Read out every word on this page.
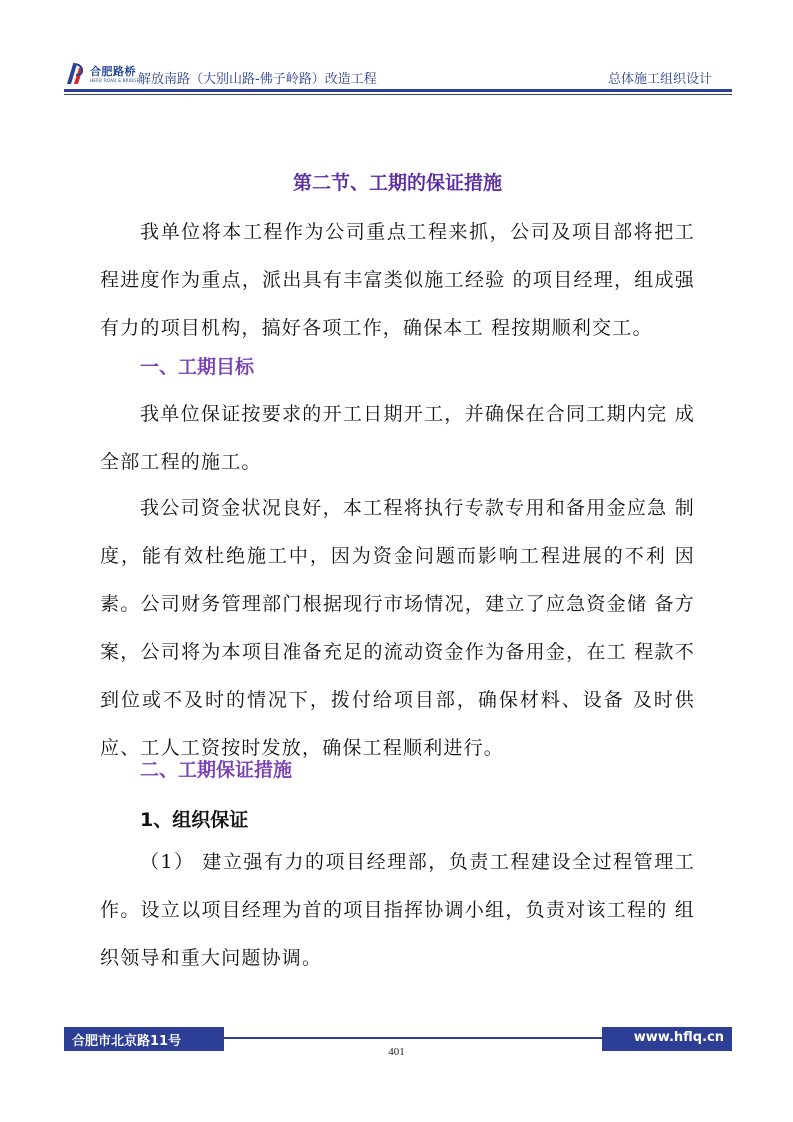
合肥路桥
HEFEI ROAD & BRIDGE
解放南路（大别山路-佛子岭路）改造工程	总体施工组织设计
第二节、工期的保证措施
我单位将本工程作为公司重点工程来抓，公司及项目部将把工程进度作为重点，派出具有丰富类似施工经验 的项目经理，组成强有力的项目机构，搞好各项工作，确保本工 程按期顺利交工。
一、工期目标
我单位保证按要求的开工日期开工，并确保在合同工期内完 成全部工程的施工。
我公司资金状况良好，本工程将执行专款专用和备用金应急 制度，能有效杜绝施工中，因为资金问题而影响工程进展的不利 因素。公司财务管理部门根据现行市场情况，建立了应急资金储 备方案，公司将为本项目准备充足的流动资金作为备用金，在工 程款不到位或不及时的情况下，拨付给项目部，确保材料、设备 及时供应、工人工资按时发放，确保工程顺利进行。
二、工期保证措施
1、组织保证
（1） 建立强有力的项目经理部，负责工程建设全过程管理工作。设立以项目经理为首的项目指挥协调小组，负责对该工程的 组织领导和重大问题协调。
合肥市北京路11号	www.hflq.cn
401
